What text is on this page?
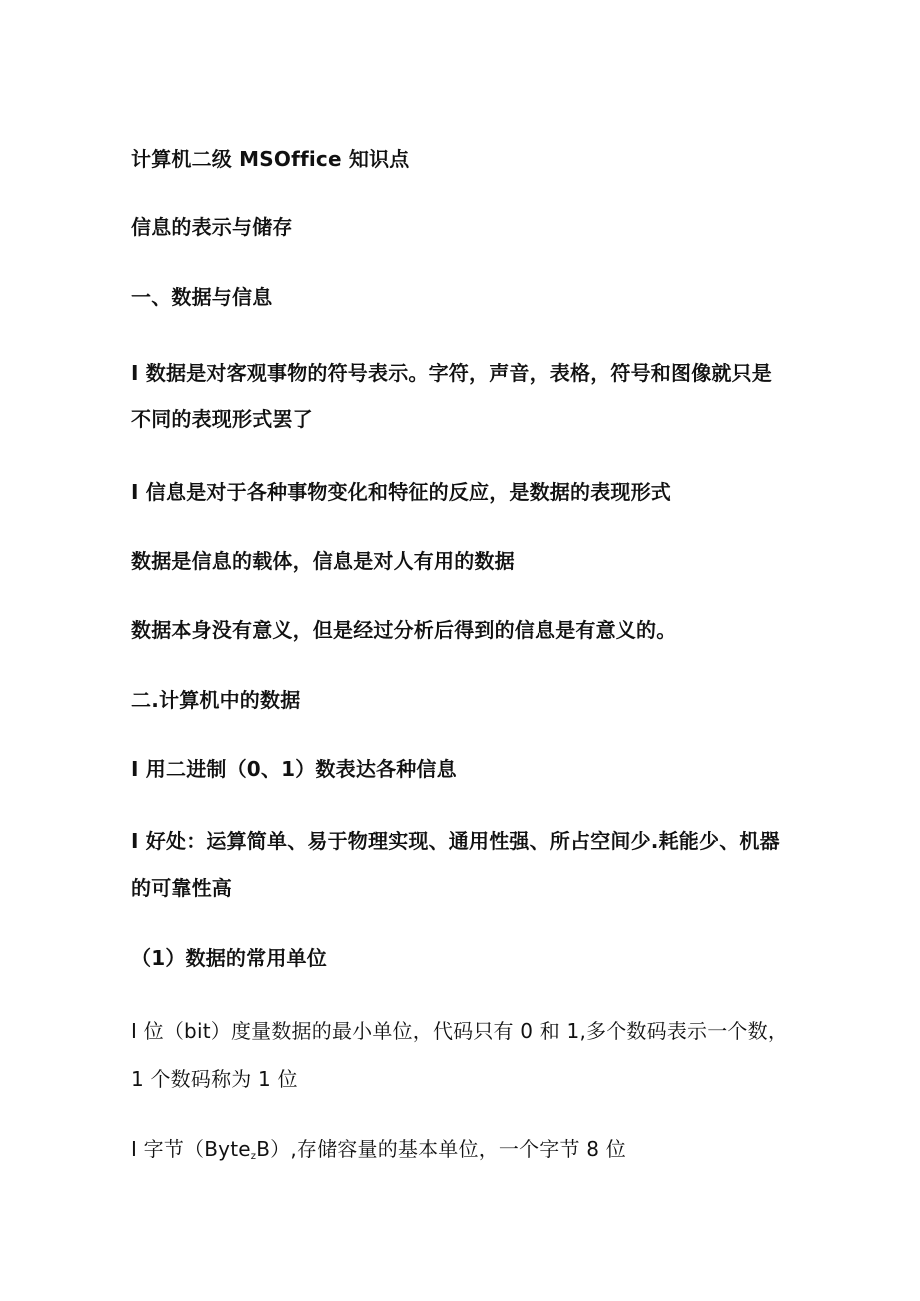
计算机二级 MSOffice 知识点
信息的表示与储存
一、数据与信息
I 数据是对客观事物的符号表示。字符，声音，表格，符号和图像就只是
不同的表现形式罢了
I 信息是对于各种事物变化和特征的反应，是数据的表现形式
数据是信息的载体，信息是对人有用的数据
数据本身没有意义，但是经过分析后得到的信息是有意义的。
二.计算机中的数据
I 用二进制（0、1）数表达各种信息
I 好处：运算简单、易于物理实现、通用性强、所占空间少.耗能少、机器
的可靠性高
（1）数据的常用单位
I 位（bit）度量数据的最小单位，代码只有 0 和 1,多个数码表示一个数，
1 个数码称为 1 位
I 字节（Byte$_z$B）,存储容量的基本单位，一个字节 8 位
